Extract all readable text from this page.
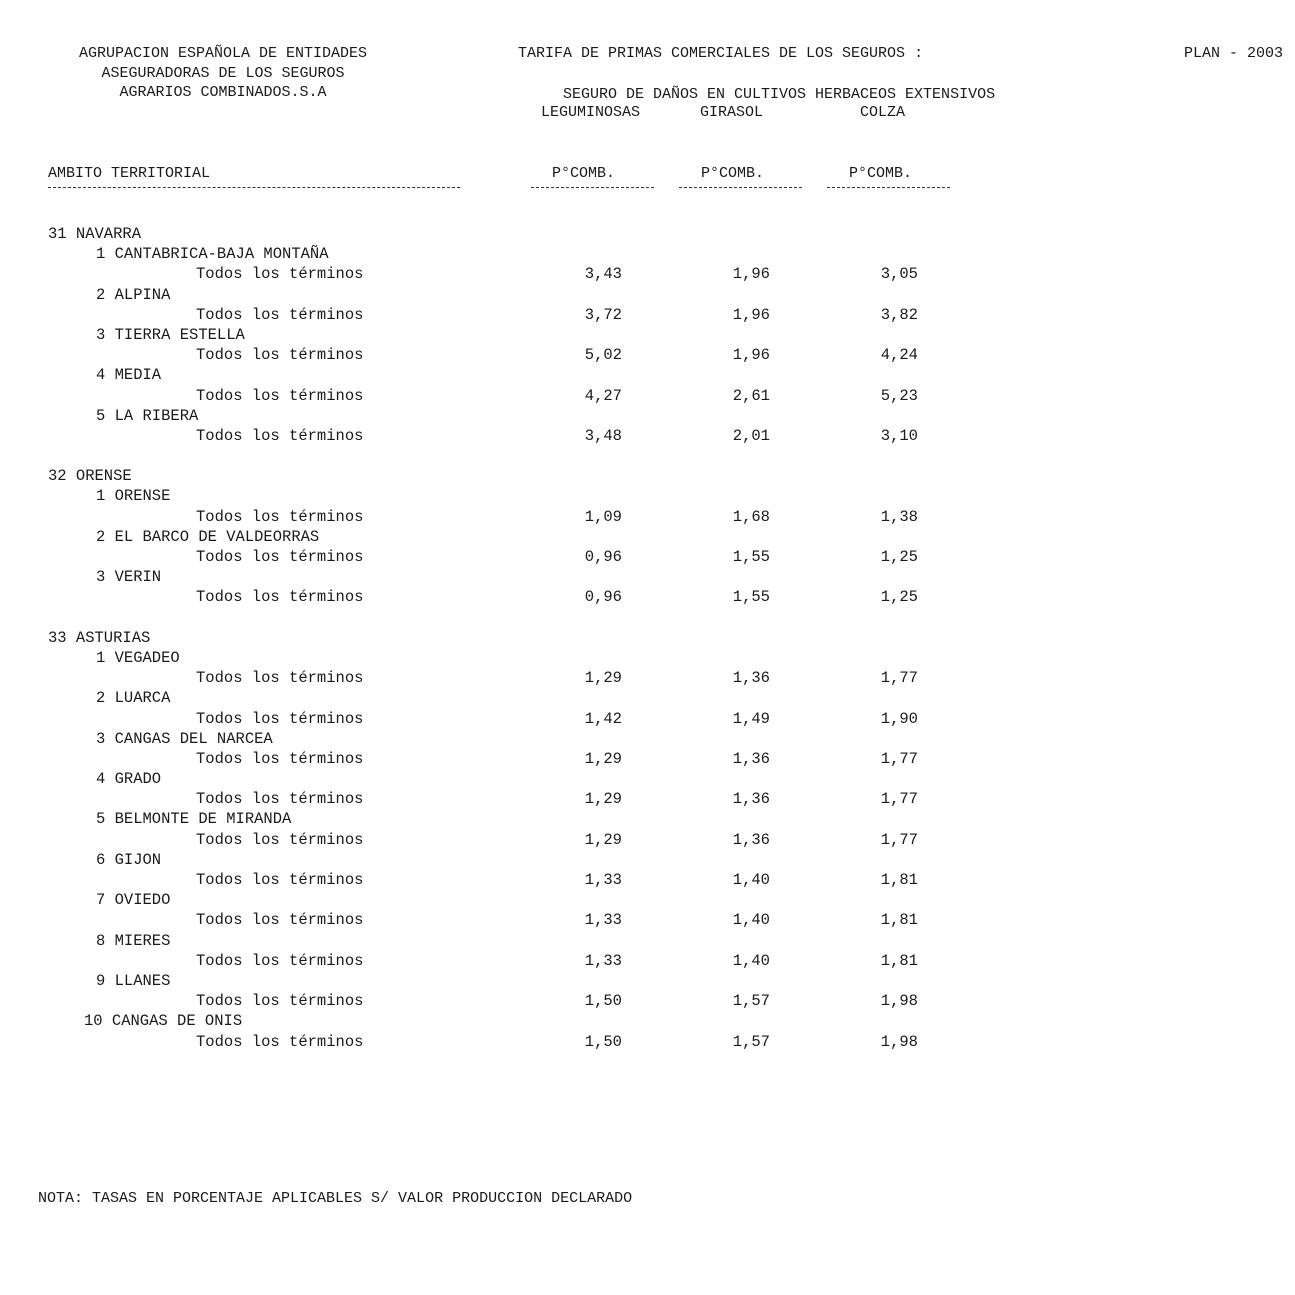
AGRUPACION ESPAÑOLA DE ENTIDADES
ASEGURADORAS DE LOS SEGUROS
AGRARIOS COMBINADOS.S.A
TARIFA DE PRIMAS COMERCIALES DE LOS SEGUROS :	PLAN - 2003
SEGURO DE DAÑOS EN CULTIVOS HERBACEOS EXTENSIVOS
LEGUMINOSAS	GIRASOL	COLZA
AMBITO TERRITORIAL	P°COMB.	P°COMB.	P°COMB.
31 NAVARRA
1 CANTABRICA-BAJA MONTAÑA
Todos los términos	3,43	1,96	3,05
2 ALPINA
Todos los términos	3,72	1,96	3,82
3 TIERRA ESTELLA
Todos los términos	5,02	1,96	4,24
4 MEDIA
Todos los términos	4,27	2,61	5,23
5 LA RIBERA
Todos los términos	3,48	2,01	3,10
32 ORENSE
1 ORENSE
Todos los términos	1,09	1,68	1,38
2 EL BARCO DE VALDEORRAS
Todos los términos	0,96	1,55	1,25
3 VERIN
Todos los términos	0,96	1,55	1,25
33 ASTURIAS
1 VEGADEO
Todos los términos	1,29	1,36	1,77
2 LUARCA
Todos los términos	1,42	1,49	1,90
3 CANGAS DEL NARCEA
Todos los términos	1,29	1,36	1,77
4 GRADO
Todos los términos	1,29	1,36	1,77
5 BELMONTE DE MIRANDA
Todos los términos	1,29	1,36	1,77
6 GIJON
Todos los términos	1,33	1,40	1,81
7 OVIEDO
Todos los términos	1,33	1,40	1,81
8 MIERES
Todos los términos	1,33	1,40	1,81
9 LLANES
Todos los términos	1,50	1,57	1,98
10 CANGAS DE ONIS
Todos los términos	1,50	1,57	1,98
NOTA: TASAS EN PORCENTAJE APLICABLES S/ VALOR PRODUCCION DECLARADO
